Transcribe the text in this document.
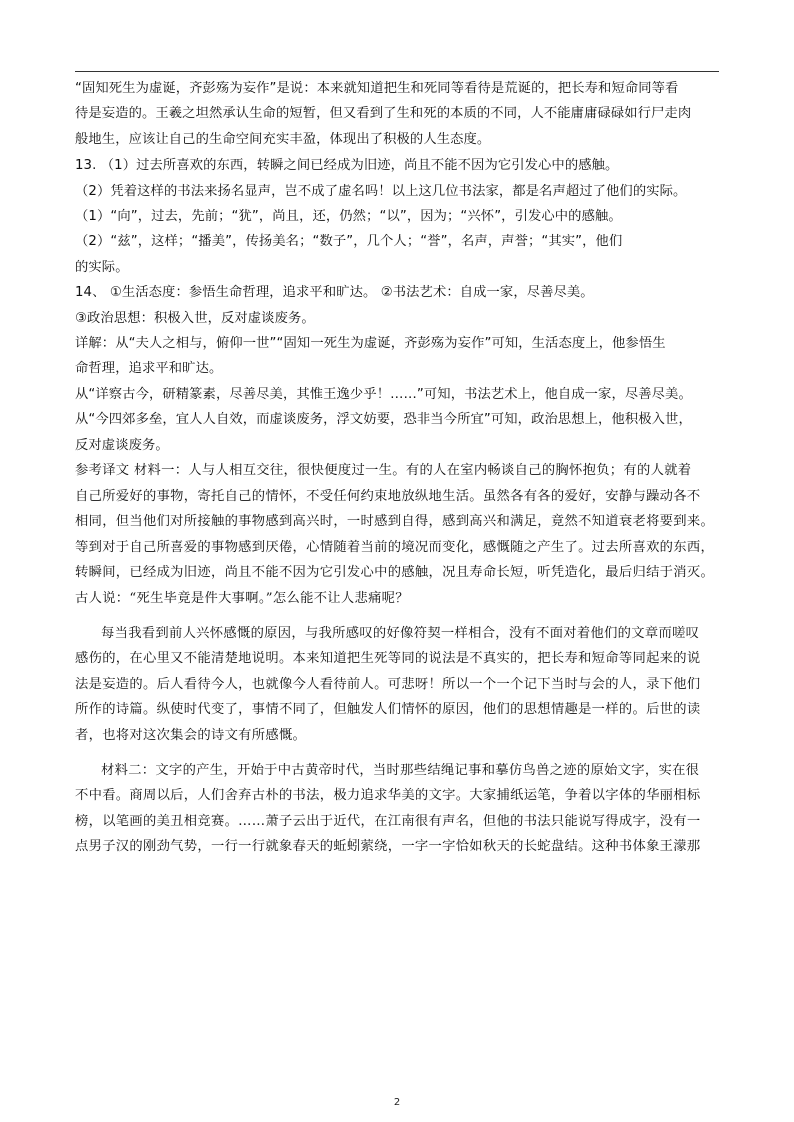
“固知死生为虚诞，齐彭殇为妄作”是说：本来就知道把生和死同等看待是荒诞的，把长寿和短命同等看

待是妄造的。王羲之坦然承认生命的短暂，但又看到了生和死的本质的不同，人不能庸庸碌碌如行尸走肉

般地生，应该让自己的生命空间充实丰盈，体现出了积极的人生态度。

13. （1）过去所喜欢的东西，转瞬之间已经成为旧迹，尚且不能不因为它引发心中的感触。

（2）凭着这样的书法来扬名显声，岂不成了虚名吗！以上这几位书法家，都是名声超过了他们的实际。

（1）“向”，过去，先前；“犹”，尚且，还，仍然；“以”，因为；“兴怀”，引发心中的感触。

（2）“兹”，这样；“播美”，传扬美名；“数子”，几个人；“誉”，名声，声誉；“其实”，他们

的实际。

14、 ①生活态度：参悟生命哲理，追求平和旷达。 ②书法艺术：自成一家，尽善尽美。

③政治思想：积极入世，反对虚谈废务。

详解：从“夫人之相与，俯仰一世”“固知一死生为虚诞，齐彭殇为妄作”可知，生活态度上，他参悟生

命哲理，追求平和旷达。

从“详察古今，研精篆素，尽善尽美，其惟王逸少乎！……”可知，书法艺术上，他自成一家，尽善尽美。

从“今四郊多垒，宜人人自效，而虚谈废务，浮文妨要，恐非当今所宜”可知，政治思想上，他积极入世，

反对虚谈废务。

参考译文 材料一：人与人相互交往，很快便度过一生。有的人在室内畅谈自己的胸怀抱负；有的人就着

自己所爱好的事物，寄托自己的情怀，不受任何约束地放纵地生活。虽然各有各的爱好，安静与躁动各不

相同，但当他们对所接触的事物感到高兴时，一时感到自得，感到高兴和满足，竟然不知道衰老将要到来。

等到对于自己所喜爱的事物感到厌倦，心情随着当前的境况而变化，感慨随之产生了。过去所喜欢的东西，

转瞬间，已经成为旧迹，尚且不能不因为它引发心中的感触，况且寿命长短，听凭造化，最后归结于消灭。

古人说：“死生毕竟是件大事啊。”怎么能不让人悲痛呢？

每当我看到前人兴怀感慨的原因，与我所感叹的好像符契一样相合，没有不面对着他们的文章而嗟叹

感伤的，在心里又不能清楚地说明。本来知道把生死等同的说法是不真实的，把长寿和短命等同起来的说

法是妄造的。后人看待今人，也就像今人看待前人。可悲呀！所以一个一个记下当时与会的人，录下他们

所作的诗篇。纵使时代变了，事情不同了，但触发人们情怀的原因，他们的思想情趣是一样的。后世的读

者，也将对这次集会的诗文有所感慨。

材料二：文字的产生，开始于中古黄帝时代，当时那些结绳记事和摹仿鸟兽之迹的原始文字，实在很

不中看。商周以后，人们舍弃古朴的书法，极力追求华美的文字。大家捕纸运笔，争着以字体的华丽相标

榜，以笔画的美丑相竞赛。……萧子云出于近代，在江南很有声名，但他的书法只能说写得成字，没有一

点男子汉的刚劲气势，一行一行就象春天的蚯蚓萦绕，一字一字恰如秋天的长蛇盘结。这种书体象王濛那

2
